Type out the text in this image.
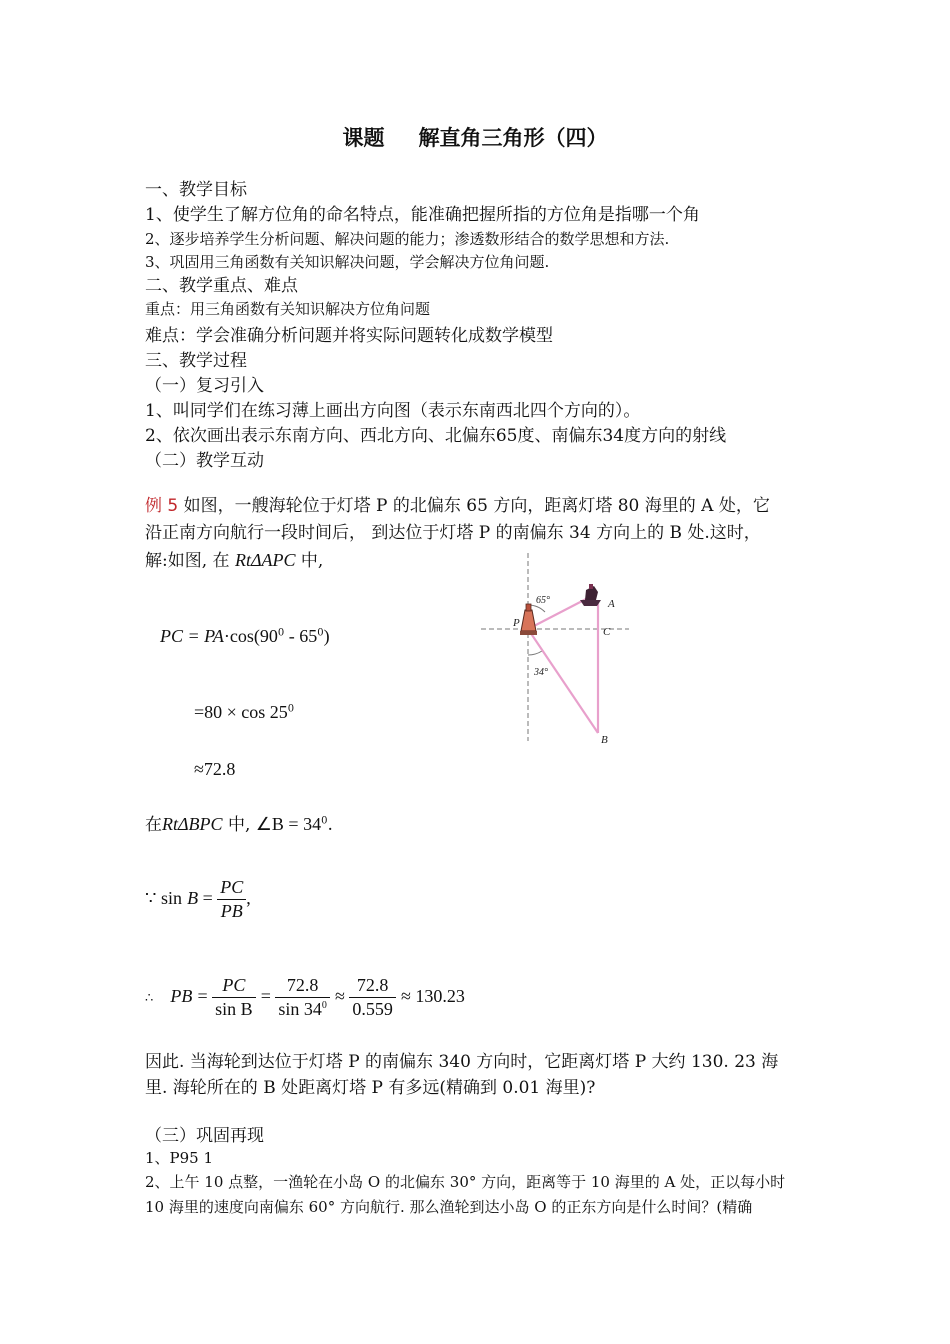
课题 解直角三角形（四）
一、教学目标
1、使学生了解方位角的命名特点，能准确把握所指的方位角是指哪一个角
2、逐步培养学生分析问题、解决问题的能力；渗透数形结合的数学思想和方法.
3、巩固用三角函数有关知识解决问题，学会解决方位角问题.
二、教学重点、难点
重点：用三角函数有关知识解决方位角问题
难点：学会准确分析问题并将实际问题转化成数学模型
三、教学过程
（一）复习引入
1、叫同学们在练习薄上画出方向图（表示东南西北四个方向的）。
2、依次画出表示东南方向、西北方向、北偏东65度、南偏东34度方向的射线
（二）教学互动
例 5 如图，一艘海轮位于灯塔 P 的北偏东 65 方向，距离灯塔 80 海里的 A 处，它
沿正南方向航行一段时间后， 到达位于灯塔 P 的南偏东 34 方向上的 B 处.这时，
解:如图, 在 RtΔAPC 中,
PC = $PA\cdot\cos(90^0 - 65^0)$
$=80 \times \cos 25^0$
≈72.8
在RtΔBPC 中, ∠B = $34^0$.
∵ $\sin B = \frac{PC}{PB}$ ,
∴ PB = $\frac{PC}{\text{sin B}} = \frac{72.8}{\sin 34^0} \approx \frac{72.8}{0.559} \approx 130.23$
因此. 当海轮到达位于灯塔 P 的南偏东 340 方向时，它距离灯塔 P 大约 130. 23 海
里. 海轮所在的 B 处距离灯塔 P 有多远(精确到 0.01 海里)?
（三）巩固再现
1、P95 1
2、上午 10 点整，一渔轮在小岛 O 的北偏东 30° 方向，距离等于 10 海里的 A 处，正以每小时
10 海里的速度向南偏东 60° 方向航行. 那么渔轮到达小岛 O 的正东方向是什么时间？(精确
65°
34°
P
A
C
B
